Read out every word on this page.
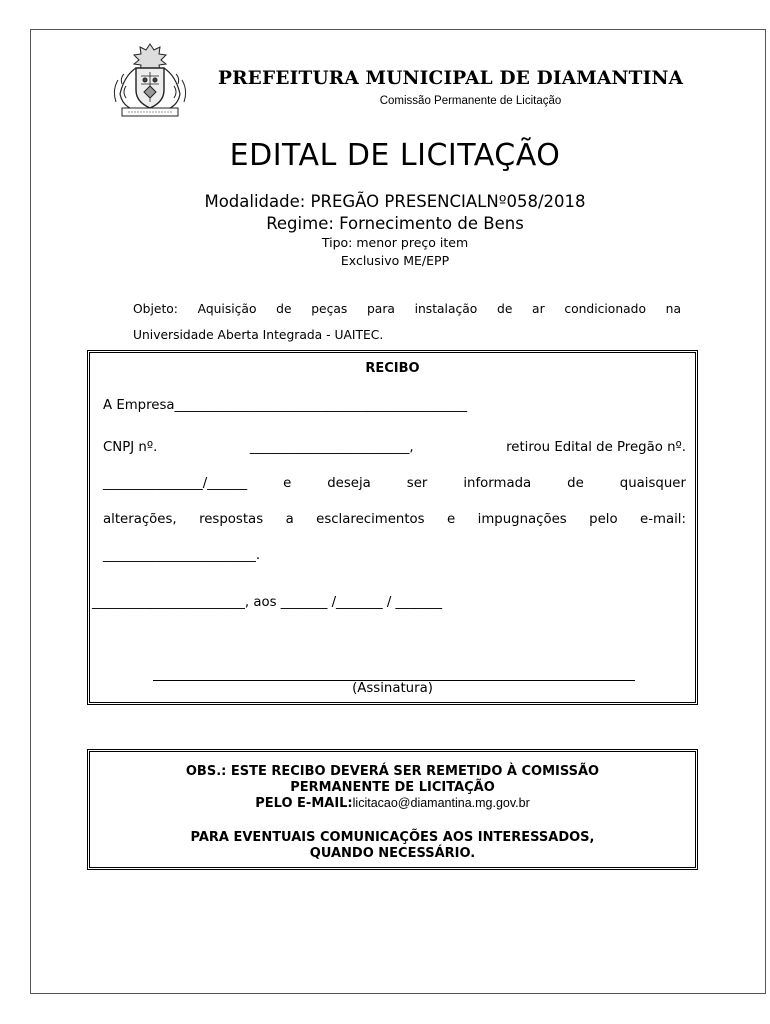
PREFEITURA MUNICIPAL DE DIAMANTINA
Comissão Permanente de Licitação
EDITAL DE LICITAÇÃO
Modalidade: PREGÃO PRESENCIALNº058/2018
Regime: Fornecimento de Bens
Tipo: menor preço item
Exclusivo ME/EPP
Objeto: Aquisição de peças para instalação de ar condicionado na
Universidade Aberta Integrada - UAITEC.
RECIBO
A Empresa____________________________________________
CNPJ nº.	________________________,	retirou Edital de Pregão nº.
_______________/______	e	deseja	ser	informada	de	quaisquer
alterações, respostas a esclarecimentos e impugnações pelo e-mail:
_______________________.
_______________________, aos _______ /_______ / _______
(Assinatura)
OBS.: ESTE RECIBO DEVERÁ SER REMETIDO À COMISSÃO
PERMANENTE DE LICITAÇÃO
PELO E-MAIL:licitacao@diamantina.mg.gov.br
PARA EVENTUAIS COMUNICAÇÕES AOS INTERESSADOS,
QUANDO NECESSÁRIO.
